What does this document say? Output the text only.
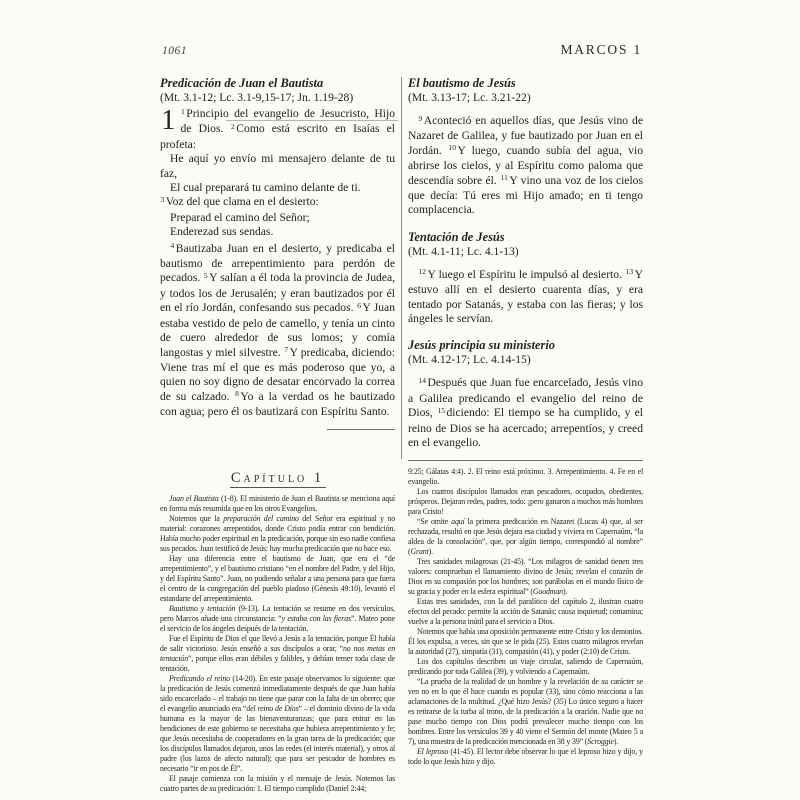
1061	MARCOS 1
Predicación de Juan el Bautista
(Mt. 3.1-12; Lc. 3.1-9,15-17; Jn. 1.19-28)

1 $^1$ Principio del evangelio de Jesucristo, Hijo de Dios. $^2$ Como está escrito en Isaías el profeta:

He aquí yo envío mi mensajero delante de tu faz,
El cual preparará tu camino delante de ti.
$^3$ Voz del que clama en el desierto:
Preparad el camino del Señor;
Enderezad sus sendas.

$^4$ Bautizaba Juan en el desierto, y predicaba el bautismo de arrepentimiento para perdón de pecados. $^5$ Y salían a él toda la provincia de Judea, y todos los de Jerusalén; y eran bautizados por él en el río Jordán, confesando sus pecados. $^6$ Y Juan estaba vestido de pelo de camello, y tenía un cinto de cuero alrededor de sus lomos; y comía langostas y miel silvestre. $^7$ Y predicaba, diciendo: Viene tras mí el que es más poderoso que yo, a quien no soy digno de desatar encorvado la correa de su calzado. $^8$ Yo a la verdad os he bautizado con agua; pero él os bautizará con Espíritu Santo.

El bautismo de Jesús
(Mt. 3.13-17; Lc. 3.21-22)

$^9$ Aconteció en aquellos días, que Jesús vino de Nazaret de Galilea, y fue bautizado por Juan en el Jordán. $^{10}$ Y luego, cuando subía del agua, vio abrirse los cielos, y al Espíritu como paloma que descendía sobre él. $^{11}$ Y vino una voz de los cielos que decía: Tú eres mi Hijo amado; en ti tengo complacencia.

Tentación de Jesús
(Mt. 4.1-11; Lc. 4.1-13)

$^{12}$ Y luego el Espíritu le impulsó al desierto. $^{13}$ Y estuvo allí en el desierto cuarenta días, y era tentado por Satanás, y estaba con las fieras; y los ángeles le servían.

Jesús principia su ministerio
(Mt. 4.12-17; Lc. 4.14-15)

$^{14}$ Después que Juan fue encarcelado, Jesús vino a Galilea predicando el evangelio del reino de Dios, $^{15}$ diciendo: El tiempo se ha cumplido, y el reino de Dios se ha acercado; arrepentíos, y creed en el evangelio.

Capítulo 1

Juan el Bautista (1-8). El ministerio de Juan el Bautista se menciona aquí en forma más resumida que en los otros Evangelios.

Notemos que la preparación del camino del Señor era espiritual y no material: corazones arrepentidos, donde Cristo podía entrar con bendición. Había mucho poder espiritual en la predicación, porque sin eso nadie confiesa sus pecados. Juan testificó de Jesús: hay mucha predicación que no hace eso.

Hay una diferencia entre el bautismo de Juan, que era el “de arrepentimiento”, y el bautismo cristiano “en el nombre del Padre, y del Hijo, y del Espíritu Santo”. Juan, no pudiendo señalar a una persona para que fuera el centro de la congregación del pueblo piadoso (Génesis 49:10), levantó el estandarte del arrepentimiento.

Bautismo y tentación (9-13). La tentación se resume en dos versículos, pero Marcos añade una circunstancia: “y estaba con las fieras”. Mateo pone el servicio de los ángeles después de la tentación.

Fue el Espíritu de Dios el que llevó a Jesús a la tentación, porque Él había de salir victorioso. Jesús enseñó a sus discípulos a orar, “no nos metas en tentación”, porque ellos eran débiles y falibles, y debían temer toda clase de tentación.

Predicando el reino (14-20). En este pasaje observamos lo siguiente: que la predicación de Jesús comenzó inmediatamente después de que Juan había sido encarcelado – el trabajo no tiene que parar con la falta de un obrero; que el evangelio anunciado era “del reino de Dios” – el dominio divino de la vida humana es la mayor de las bienaventuranzas; que para entrar en las bendiciones de este gobierno se necesitaba que hubiera arrepentimiento y fe; que Jesús necesitaba de cooperadores en la gran tarea de la predicación; que los discípulos llamados dejaron, unos las redes (el interés material), y otros al padre (los lazos de afecto natural); que para ser pescador de hombres es necesario “ir en pos de Él”.

El pasaje comienza con la misión y el mensaje de Jesús. Notemos las cuatro partes de su predicación: 1. El tiempo cumplido (Daniel 2:44;

9:25; Gálatas 4:4). 2. El reino está próximo. 3. Arrepentimiento. 4. Fe en el evangelio.

Los cuatros discípulos llamados eran pescadores, ocupados, obedientes, prósperos. Dejaran redes, padres, todo: ¡pero ganaron a muchos más hombres para Cristo!

“Se omite aquí la primera predicación en Nazaret (Lucas 4) que, al ser rechazada, resultó en que Jesús dejara esa ciudad y viviera en Capernaúm, “la aldea de la consolación”, que, por algún tiempo, correspondió al nombre” (Grant).

Tres sanidades milagrosas (21-45). “Los milagros de sanidad tienen tres valores: comprueban el llamamiento divino de Jesús; revelan el corazón de Dios en su compasión por los hombres; son parábolas en el mundo físico de su gracia y poder en la esfera espiritual” (Goodman).

Estas tres sanidades, con la del paralítico del capítulo 2, ilustran cuatro efectos del pecado: permite la acción de Satanás; causa inquietud; contamina; vuelve a la persona inútil para el servicio a Dios.

Notemos que había una oposición permanente entre Cristo y los demonios. Él los expulsa, a veces, sin que se le pida (25). Estos cuatro milagros revelan la autoridad (27), simpatía (31), compasión (41), y poder (2:10) de Cristo.

Los dos capítulos describen un viaje circular, saliendo de Capernaúm, predicando por toda Galilea (39), y volviendo a Capernaúm.

“La prueba de la realidad de un hombre y la revelación de su carácter se ven no en lo que él hace cuando es popular (33), sino cómo reacciona a las aclamaciones de la multitud. ¿Qué hizo Jesús? (35) Lo único seguro a hacer es retirarse de la turba al trono, de la predicación a la oración. Nadie que no pase mucho tiempo con Dios podrá prevalecer mucho tiempo con los hombres. Entre los versículos 39 y 40 viene el Sermón del monte (Mateo 5 a 7), una muestra de la predicación mencionada en 38 y 39” (Scroggie).

El leproso (41-45). El lector debe observar lo que el leproso hizo y dijo, y todo lo que Jesús hizo y dijo.
